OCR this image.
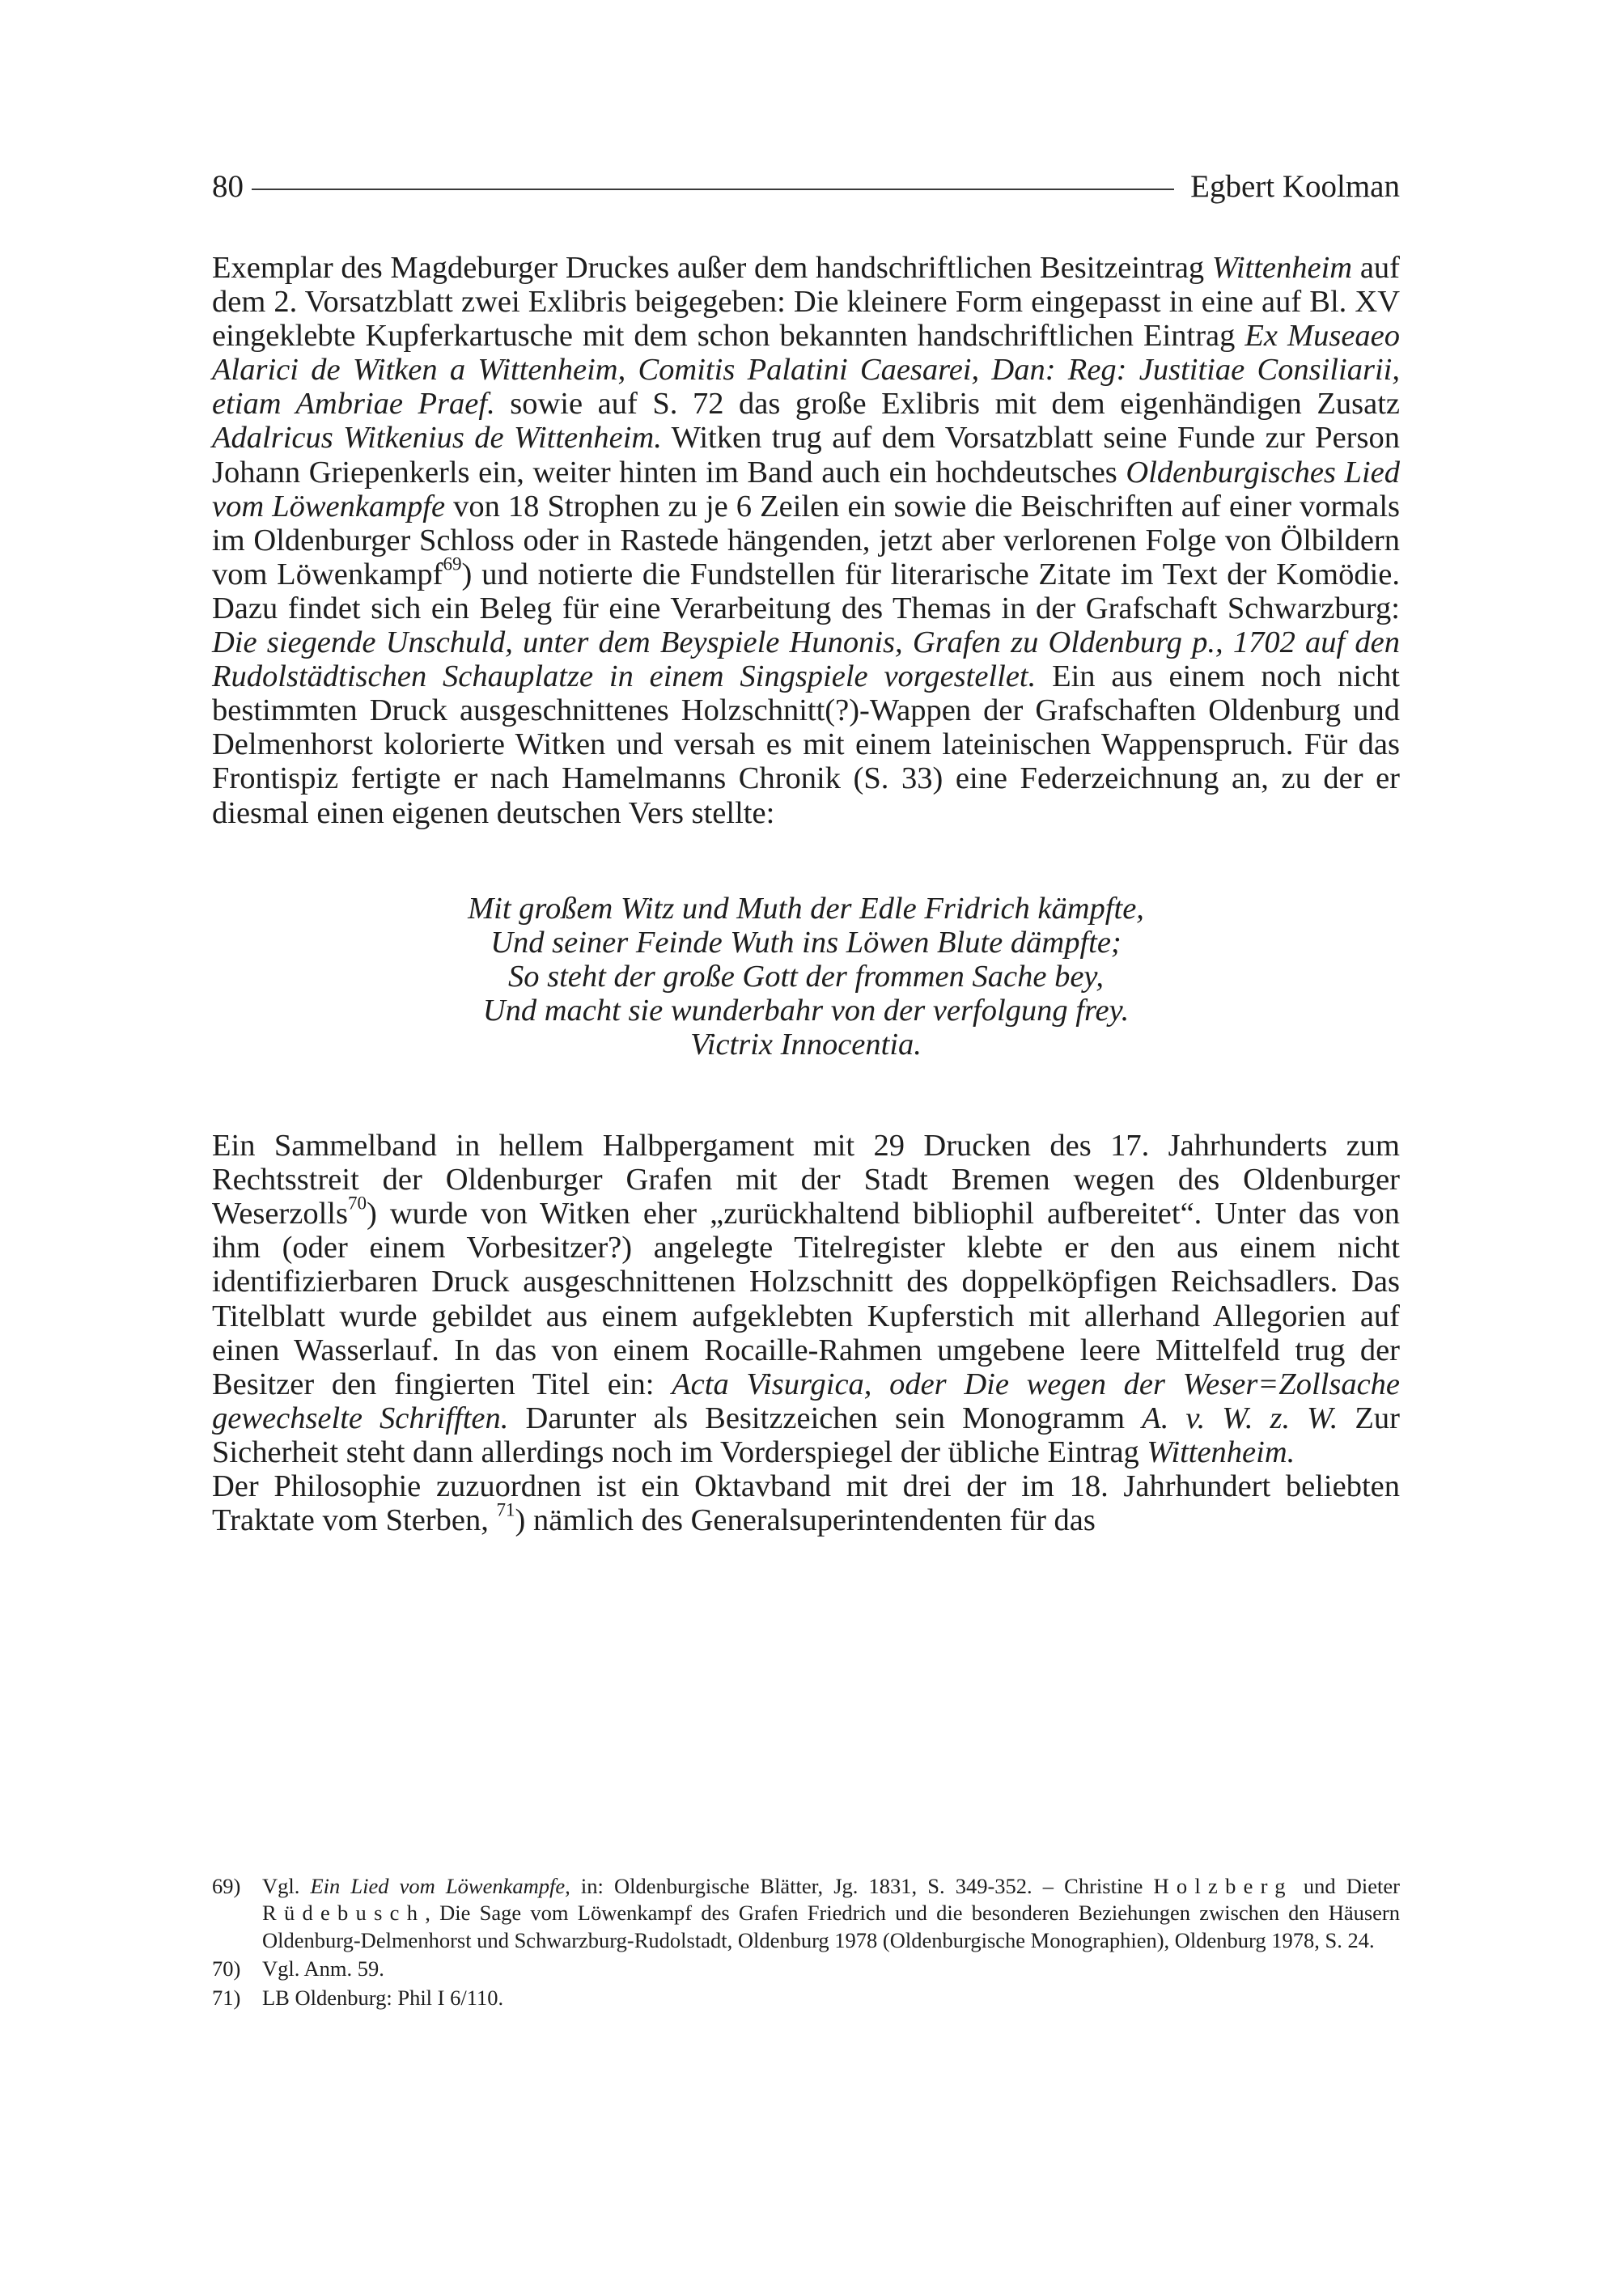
80	Egbert Koolman

Exemplar des Magdeburger Druckes außer dem handschriftlichen Besitzeintrag Wittenheim auf dem 2. Vorsatzblatt zwei Exlibris beigegeben: Die kleinere Form eingepasst in eine auf Bl. XV eingeklebte Kupferkartusche mit dem schon bekannten handschriftlichen Eintrag Ex Museaeo Alarici de Witken a Wittenheim, Comitis Palatini Caesarei, Dan: Reg: Justitiae Consiliarii, etiam Ambriae Praef. sowie auf S. 72 das große Exlibris mit dem eigenhändigen Zusatz Adalricus Witkenius de Wittenheim. Witken trug auf dem Vorsatzblatt seine Funde zur Person Johann Griepenkerls ein, weiter hinten im Band auch ein hochdeutsches Oldenburgisches Lied vom Löwenkampfe von 18 Strophen zu je 6 Zeilen ein sowie die Beischriften auf einer vormals im Oldenburger Schloss oder in Rastede hängenden, jetzt aber verlorenen Folge von Ölbildern vom Löwenkampf$^{69}$) und notierte die Fundstellen für literarische Zitate im Text der Komödie. Dazu findet sich ein Beleg für eine Verarbeitung des Themas in der Grafschaft Schwarzburg: Die siegende Unschuld, unter dem Beyspiele Hunonis, Grafen zu Oldenburg p., 1702 auf den Rudolstädtischen Schauplatze in einem Singspiele vorgestellet. Ein aus einem noch nicht bestimmten Druck ausgeschnittenes Holzschnitt(?)-Wappen der Grafschaften Oldenburg und Delmenhorst kolorierte Witken und versah es mit einem lateinischen Wappenspruch. Für das Frontispiz fertigte er nach Hamelmanns Chronik (S. 33) eine Federzeichnung an, zu der er diesmal einen eigenen deutschen Vers stellte:

Mit großem Witz und Muth der Edle Fridrich kämpfte,
Und seiner Feinde Wuth ins Löwen Blute dämpfte;
So steht der große Gott der frommen Sache bey,
Und macht sie wunderbahr von der verfolgung frey.
Victrix Innocentia.

Ein Sammelband in hellem Halbpergament mit 29 Drucken des 17. Jahrhunderts zum Rechtsstreit der Oldenburger Grafen mit der Stadt Bremen wegen des Oldenburger Weserzolls$^{70}$) wurde von Witken eher „zurückhaltend bibliophil aufbereitet“. Unter das von ihm (oder einem Vorbesitzer?) angelegte Titelregister klebte er den aus einem nicht identifizierbaren Druck ausgeschnittenen Holzschnitt des doppelköpfigen Reichsadlers. Das Titelblatt wurde gebildet aus einem aufgeklebten Kupferstich mit allerhand Allegorien auf einen Wasserlauf. In das von einem Rocaille-Rahmen umgebene leere Mittelfeld trug der Besitzer den fingierten Titel ein: Acta Visurgica, oder Die wegen der Weser=Zollsache gewechselte Schrifften. Darunter als Besitzzeichen sein Monogramm A. v. W. z. W. Zur Sicherheit steht dann allerdings noch im Vorderspiegel der übliche Eintrag Wittenheim.

Der Philosophie zuzuordnen ist ein Oktavband mit drei der im 18. Jahrhundert beliebten Traktate vom Sterben, $^{71}$) nämlich des Generalsuperintendenten für das

69)	Vgl. Ein Lied vom Löwenkampfe, in: Oldenburgische Blätter, Jg. 1831, S. 349-352. – Christine Holzberg und Dieter Rüdebusch, Die Sage vom Löwenkampf des Grafen Friedrich und die besonderen Beziehungen zwischen den Häusern Oldenburg-Delmenhorst und Schwarzburg-Rudolstadt, Oldenburg 1978 (Oldenburgische Monographien), Oldenburg 1978, S. 24.
70)	Vgl. Anm. 59.
71)	LB Oldenburg: Phil I 6/110.
